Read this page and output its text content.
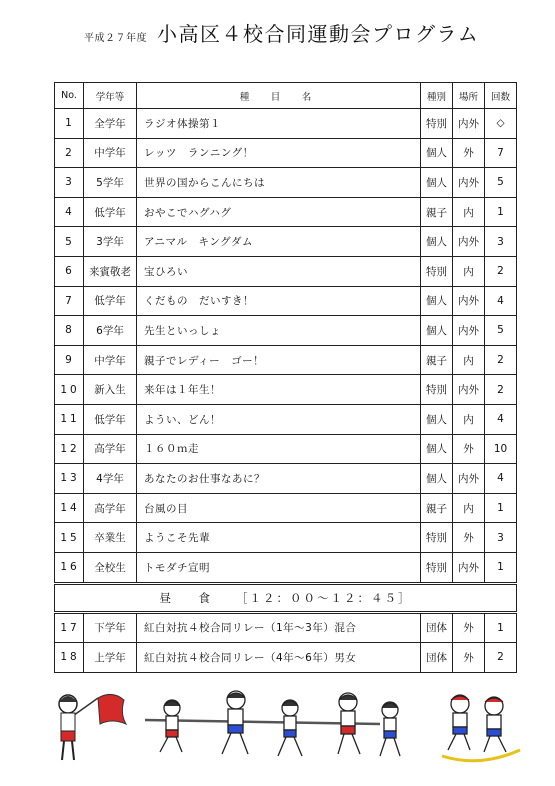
平成２７年度 小高区４校合同運動会プログラム
No.	学年等	種　目　名	種別	場所	回数
1	全学年	ラジオ体操第１	特別	内外	◇
2	中学年	レッツ　ランニング！	個人	外	7
3	5学年	世界の国からこんにちは	個人	内外	5
4	低学年	おやこでハグハグ	親子	内	1
5	3学年	アニマル　キングダム	個人	内外	3
6	来賓敬老	宝ひろい	特別	内	2
7	低学年	くだもの　だいすき！	個人	内外	4
8	6学年	先生といっしょ	個人	内外	5
9	中学年	親子でレディー　ゴー！	親子	内	2
10	新入生	来年は１年生！	特別	内外	2
11	低学年	ようい、どん！	個人	内	4
12	高学年	１６０ｍ走	個人	外	10
13	4学年	あなたのお仕事なあに？	個人	内外	4
14	高学年	台風の目	親子	内	1
15	卒業生	ようこそ先輩	特別	外	3
16	全校生	トモダチ宣明	特別	内外	1
昼　食 ［１２：００～１２：４５］					
17	下学年	紅白対抗４校合同リレー（1年～3年）混合	団体	外	1
18	上学年	紅白対抗４校合同リレー（4年～6年）男女	団体	外	2
